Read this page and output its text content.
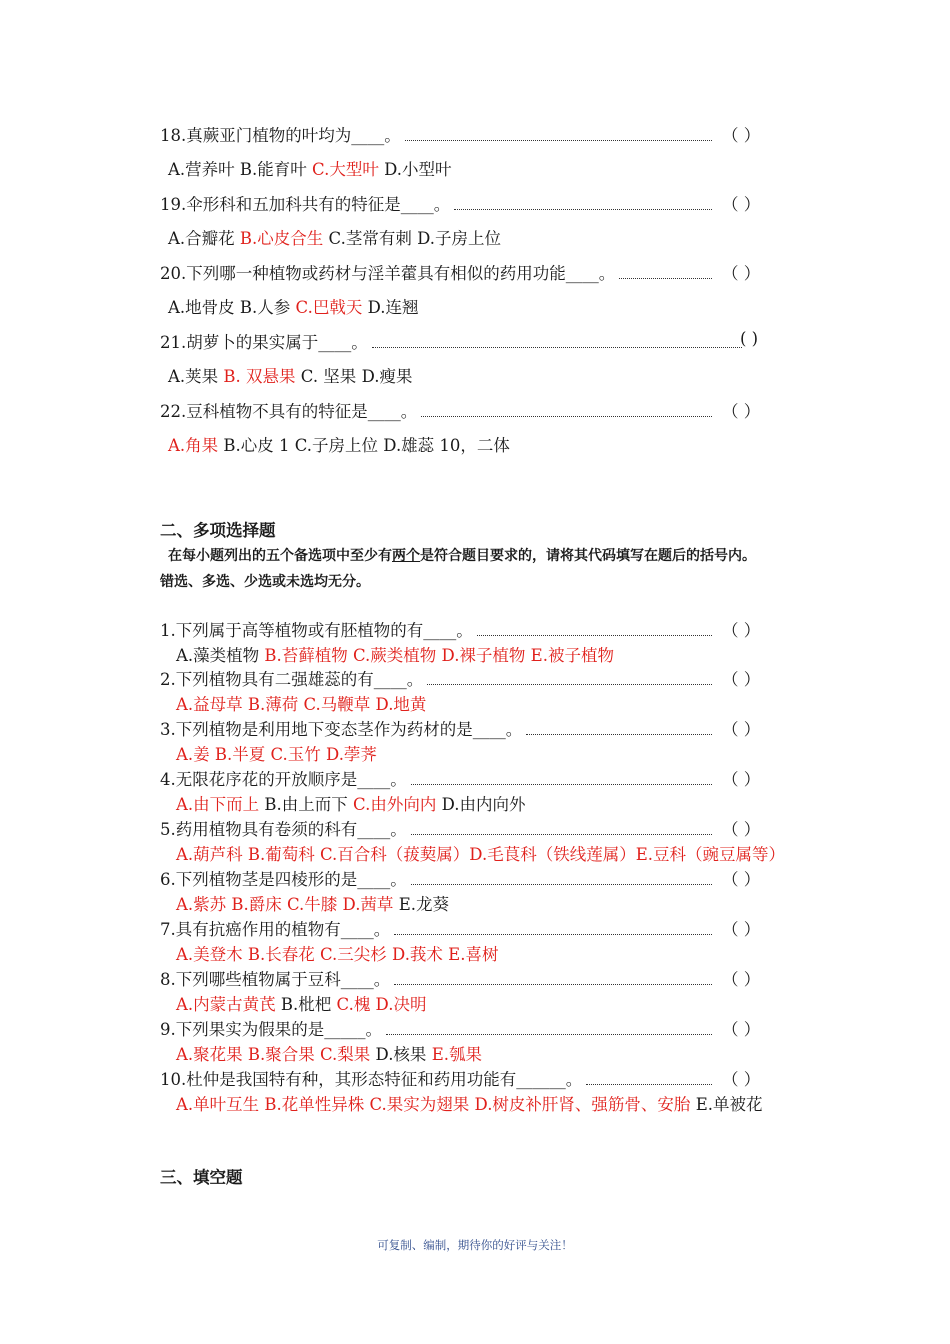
18.真蕨亚门植物的叶均为____。	（ ）
A.营养叶 B.能育叶 C.大型叶 D.小型叶
19.伞形科和五加科共有的特征是____。	（ ）
A.合瓣花 B.心皮合生 C.茎常有刺 D.子房上位
20.下列哪一种植物或药材与淫羊藿具有相似的药用功能____。	（ ）
A.地骨皮 B.人参 C.巴戟天 D.连翘
21.胡萝卜的果实属于____。	( )
A.荚果 B. 双悬果 C. 坚果 D.瘦果
22.豆科植物不具有的特征是____。	（ ）
A.角果 B.心皮 1 C.子房上位 D.雄蕊 10，二体
二、多项选择题
在每小题列出的五个备选项中至少有两个是符合题目要求的，请将其代码填写在题后的括号内。
错选、多选、少选或未选均无分。
1.下列属于高等植物或有胚植物的有____。	（ ）
A.藻类植物 B.苔藓植物 C.蕨类植物 D.裸子植物 E.被子植物
2.下列植物具有二强雄蕊的有____。	（ ）
A.益母草 B.薄荷 C.马鞭草 D.地黄
3.下列植物是利用地下变态茎作为药材的是____。	（ ）
A.姜 B.半夏 C.玉竹 D.荸荠
4.无限花序花的开放顺序是____。	（ ）
A.由下而上 B.由上而下 C.由外向内 D.由内向外
5.药用植物具有卷须的科有____。	（ ）
A.葫芦科 B.葡萄科 C.百合科（菝葜属）D.毛茛科（铁线莲属）E.豆科（豌豆属等）
6.下列植物茎是四棱形的是____。	（ ）
A.紫苏 B.爵床 C.牛膝 D.茜草 E.龙葵
7.具有抗癌作用的植物有____。	（ ）
A.美登木 B.长春花 C.三尖杉 D.莪术 E.喜树
8.下列哪些植物属于豆科____。	（ ）
A.内蒙古黄芪 B.枇杷 C.槐 D.决明
9.下列果实为假果的是_____。	（ ）
A.聚花果 B.聚合果 C.梨果 D.核果 E.瓠果
10.杜仲是我国特有种，其形态特征和药用功能有______。	（ ）
A.单叶互生 B.花单性异株 C.果实为翅果 D.树皮补肝肾、强筋骨、安胎 E.单被花
三、填空题
可复制、编制，期待你的好评与关注！
